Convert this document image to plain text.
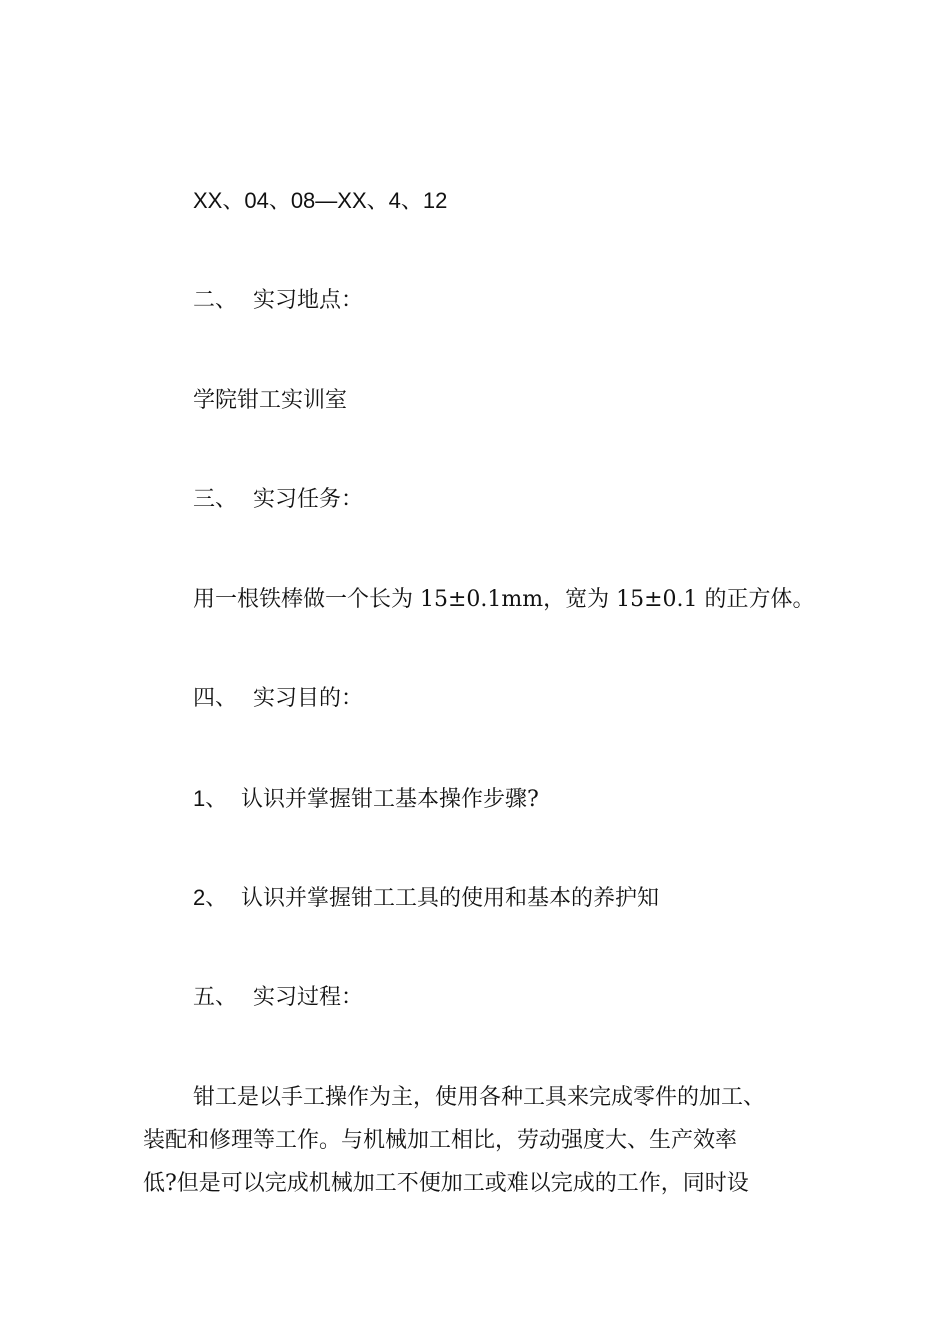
XX、04、08—XX、4、12
二、 实习地点：
学院钳工实训室
三、 实习任务：
用一根铁棒做一个长为 15±0.1mm，宽为 15±0.1 的正方体。
四、 实习目的：
1、 认识并掌握钳工基本操作步骤?
2、 认识并掌握钳工工具的使用和基本的养护知
五、 实习过程：
钳工是以手工操作为主，使用各种工具来完成零件的加工、
装配和修理等工作。与机械加工相比，劳动强度大、生产效率
低?但是可以完成机械加工不便加工或难以完成的工作，同时设
